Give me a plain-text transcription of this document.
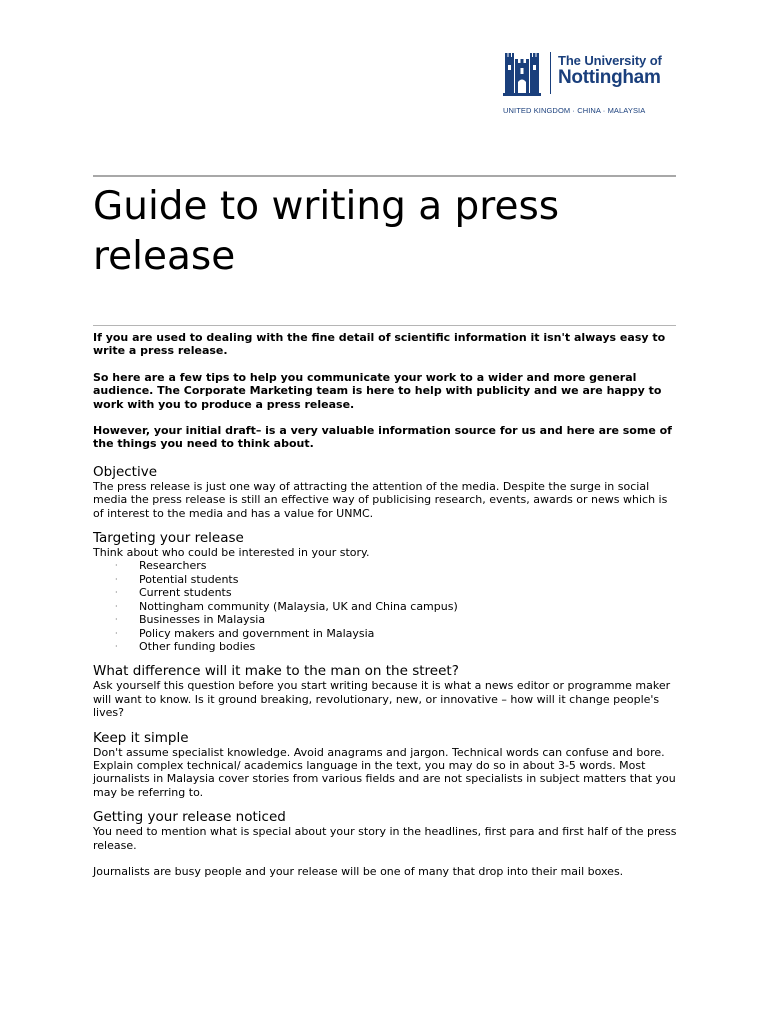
The University of
Nottingham
UNITED KINGDOM · CHINA · MALAYSIA
Guide to writing a press release

If you are used to dealing with the fine detail of scientific information it isn't always easy to write a press release.

So here are a few tips to help you communicate your work to a wider and more general audience. The Corporate Marketing team is here to help with publicity and we are happy to work with you to produce a press release.

However, your initial draft– is a very valuable information source for us and here are some of the things you need to think about.

Objective

The press release is just one way of attracting the attention of the media. Despite the surge in social media the press release is still an effective way of publicising research, events, awards or news which is of interest to the media and has a value for UNMC.

Targeting your release

Think about who could be interested in your story.

· Researchers
· Potential students
· Current students
· Nottingham community (Malaysia, UK and China campus)
· Businesses in Malaysia
· Policy makers and government in Malaysia
· Other funding bodies
What difference will it make to the man on the street?

Ask yourself this question before you start writing because it is what a news editor or programme maker will want to know. Is it ground breaking, revolutionary, new, or innovative – how will it change people's lives?

Keep it simple

Don't assume specialist knowledge. Avoid anagrams and jargon. Technical words can confuse and bore.

Explain complex technical/ academics language in the text, you may do so in about 3-5 words. Most journalists in Malaysia cover stories from various fields and are not specialists in subject matters that you may be referring to.

Getting your release noticed

You need to mention what is special about your story in the headlines, first para and first half of the press release.

Journalists are busy people and your release will be one of many that drop into their mail boxes.
